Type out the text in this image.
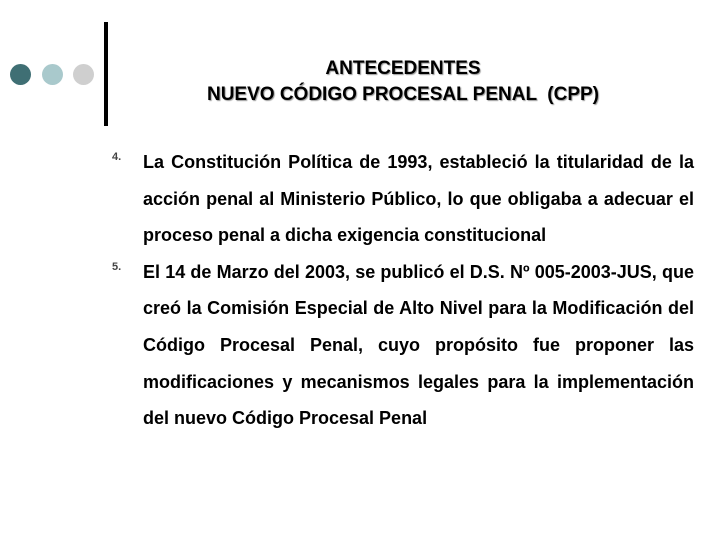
ANTECEDENTES
NUEVO CÓDIGO PROCESAL PENAL  (CPP)
4. La Constitución Política de 1993, estableció la titularidad de la acción penal al Ministerio Público, lo que obligaba a adecuar el proceso penal a dicha exigencia constitucional
5. El 14 de Marzo del 2003, se publicó el D.S. Nº 005-2003-JUS, que creó la Comisión Especial de Alto Nivel para la Modificación del Código Procesal Penal, cuyo propósito fue proponer las modificaciones y mecanismos legales para la implementación del nuevo Código Procesal Penal
